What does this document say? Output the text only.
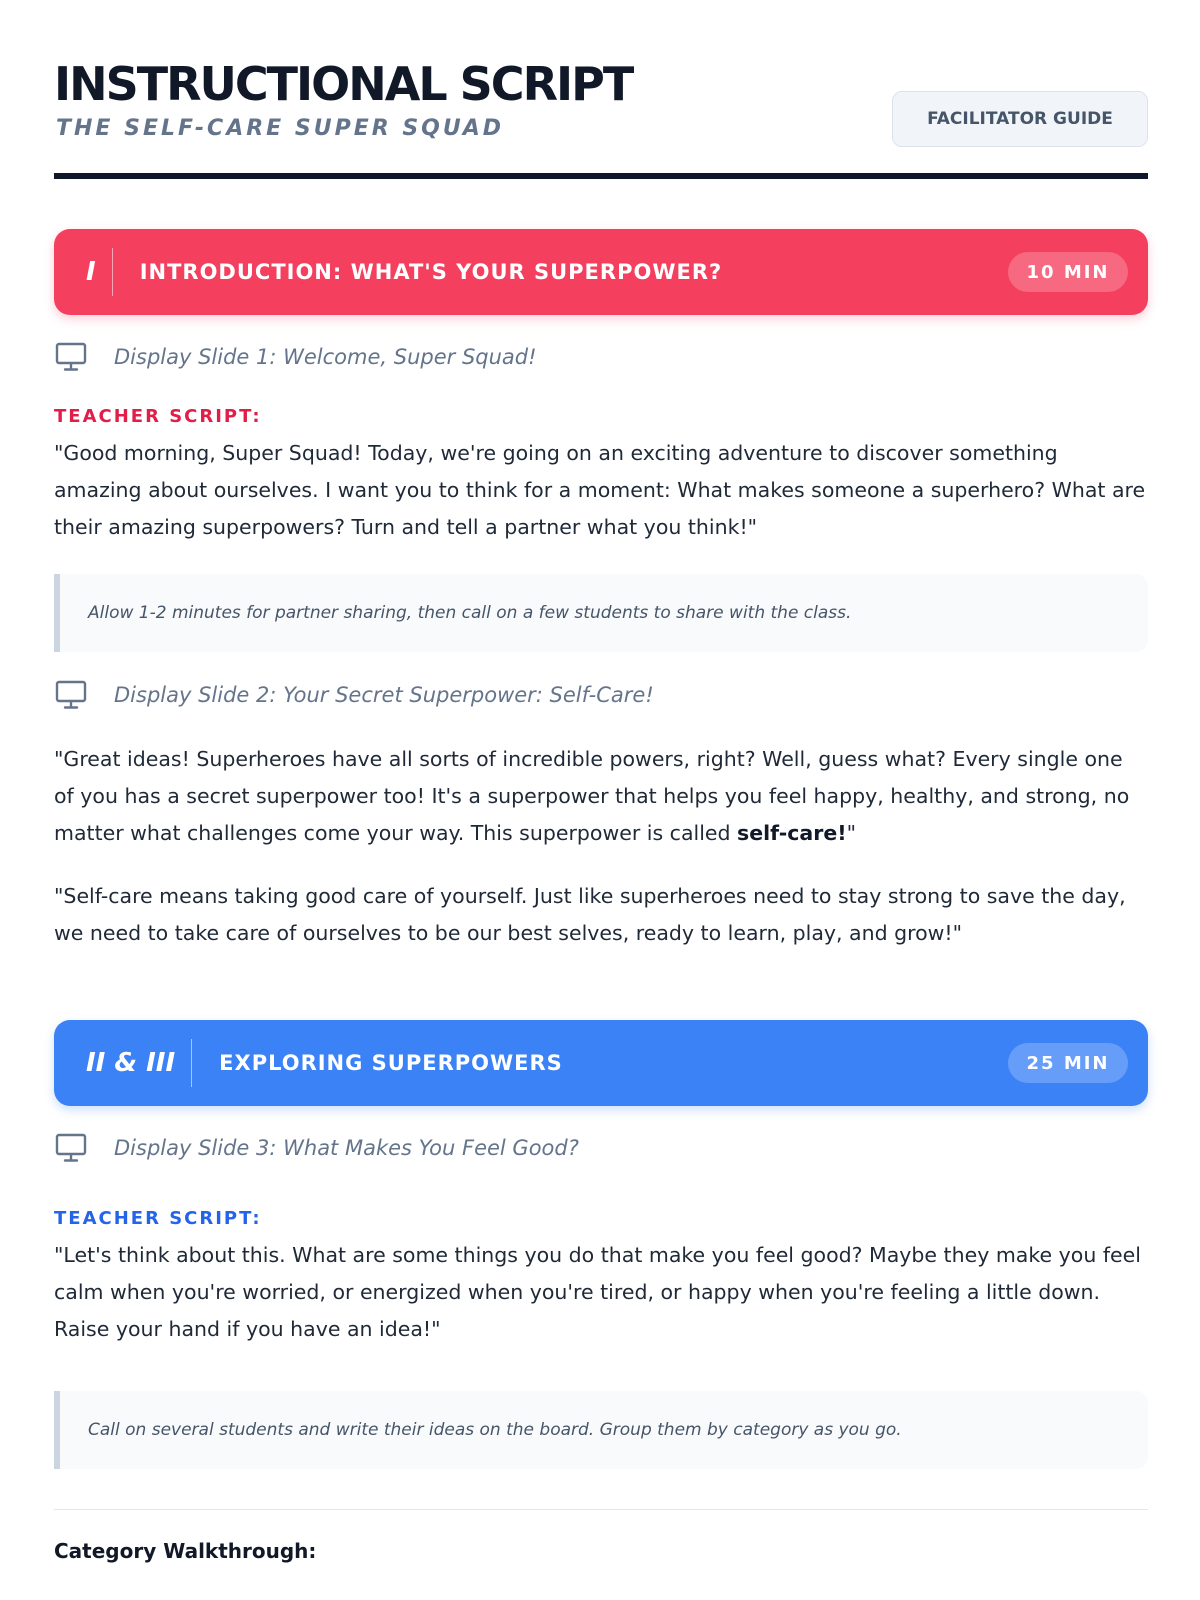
INSTRUCTIONAL SCRIPT
THE SELF-CARE SUPER SQUAD	FACILITATOR GUIDE
I	INTRODUCTION: WHAT'S YOUR SUPERPOWER?	10 MIN
Display Slide 1: Welcome, Super Squad!
TEACHER SCRIPT:
"Good morning, Super Squad! Today, we're going on an exciting adventure to discover something amazing about ourselves. I want you to think for a moment: What makes someone a superhero? What are their amazing superpowers? Turn and tell a partner what you think!"
Allow 1-2 minutes for partner sharing, then call on a few students to share with the class.
Display Slide 2: Your Secret Superpower: Self-Care!
"Great ideas! Superheroes have all sorts of incredible powers, right? Well, guess what? Every single one of you has a secret superpower too! It's a superpower that helps you feel happy, healthy, and strong, no matter what challenges come your way. This superpower is called self-care!"
"Self-care means taking good care of yourself. Just like superheroes need to stay strong to save the day, we need to take care of ourselves to be our best selves, ready to learn, play, and grow!"
II & III	EXPLORING SUPERPOWERS	25 MIN
Display Slide 3: What Makes You Feel Good?
TEACHER SCRIPT:
"Let's think about this. What are some things you do that make you feel good? Maybe they make you feel calm when you're worried, or energized when you're tired, or happy when you're feeling a little down. Raise your hand if you have an idea!"
Call on several students and write their ideas on the board. Group them by category as you go.
Category Walkthrough:
